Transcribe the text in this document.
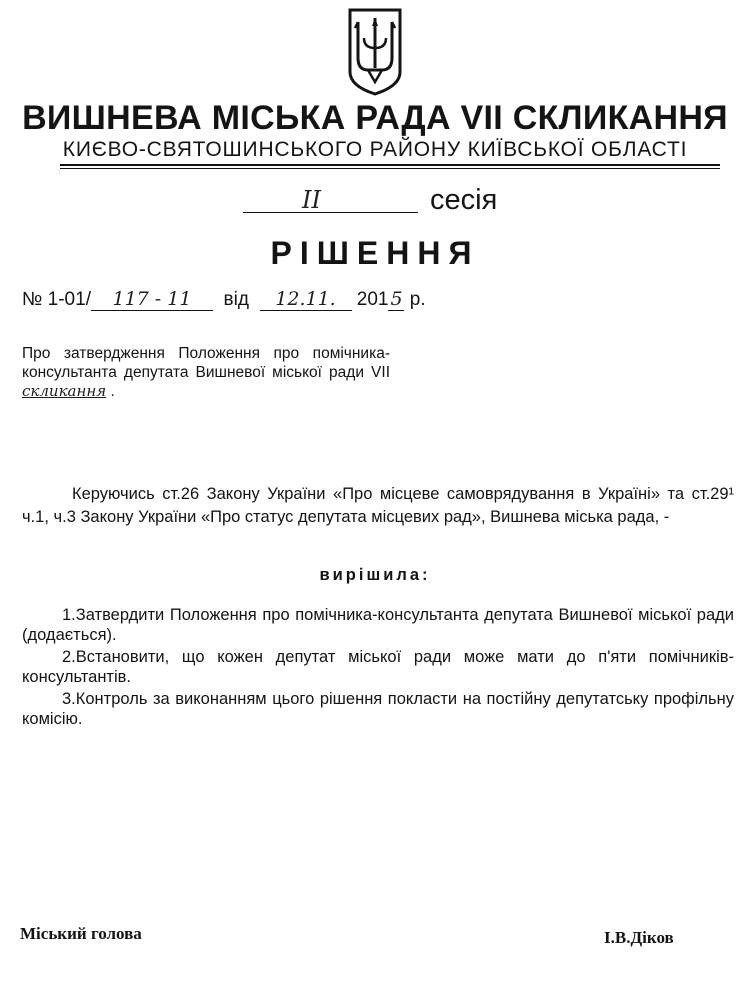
ВИШНЕВА МІСЬКА РАДА VII СКЛИКАННЯ
КИЄВО-СВЯТОШИНСЬКОГО РАЙОНУ КИЇВСЬКОЇ ОБЛАСТІ
ІІ	сесія
РІШЕННЯ
№ 1-01/ 117 - 11 від 12.11. 201 5 р.
Про затвердження Положення про помічника-консультанта депутата Вишневої міської ради VII скликання .
Керуючись ст.26 Закону України «Про місцеве самоврядування в Україні» та ст.29¹ ч.1, ч.3 Закону України «Про статус депутата місцевих рад», Вишнева міська рада, -
вирішила:

1.Затвердити Положення про помічника-консультанта депутата Вишневої міської ради (додається).

2.Встановити, що кожен депутат міської ради може мати до п'яти помічників-консультантів.

3.Контроль за виконанням цього рішення покласти на постійну депутатську профільну комісію.

Міський голова	І.В.Діков
